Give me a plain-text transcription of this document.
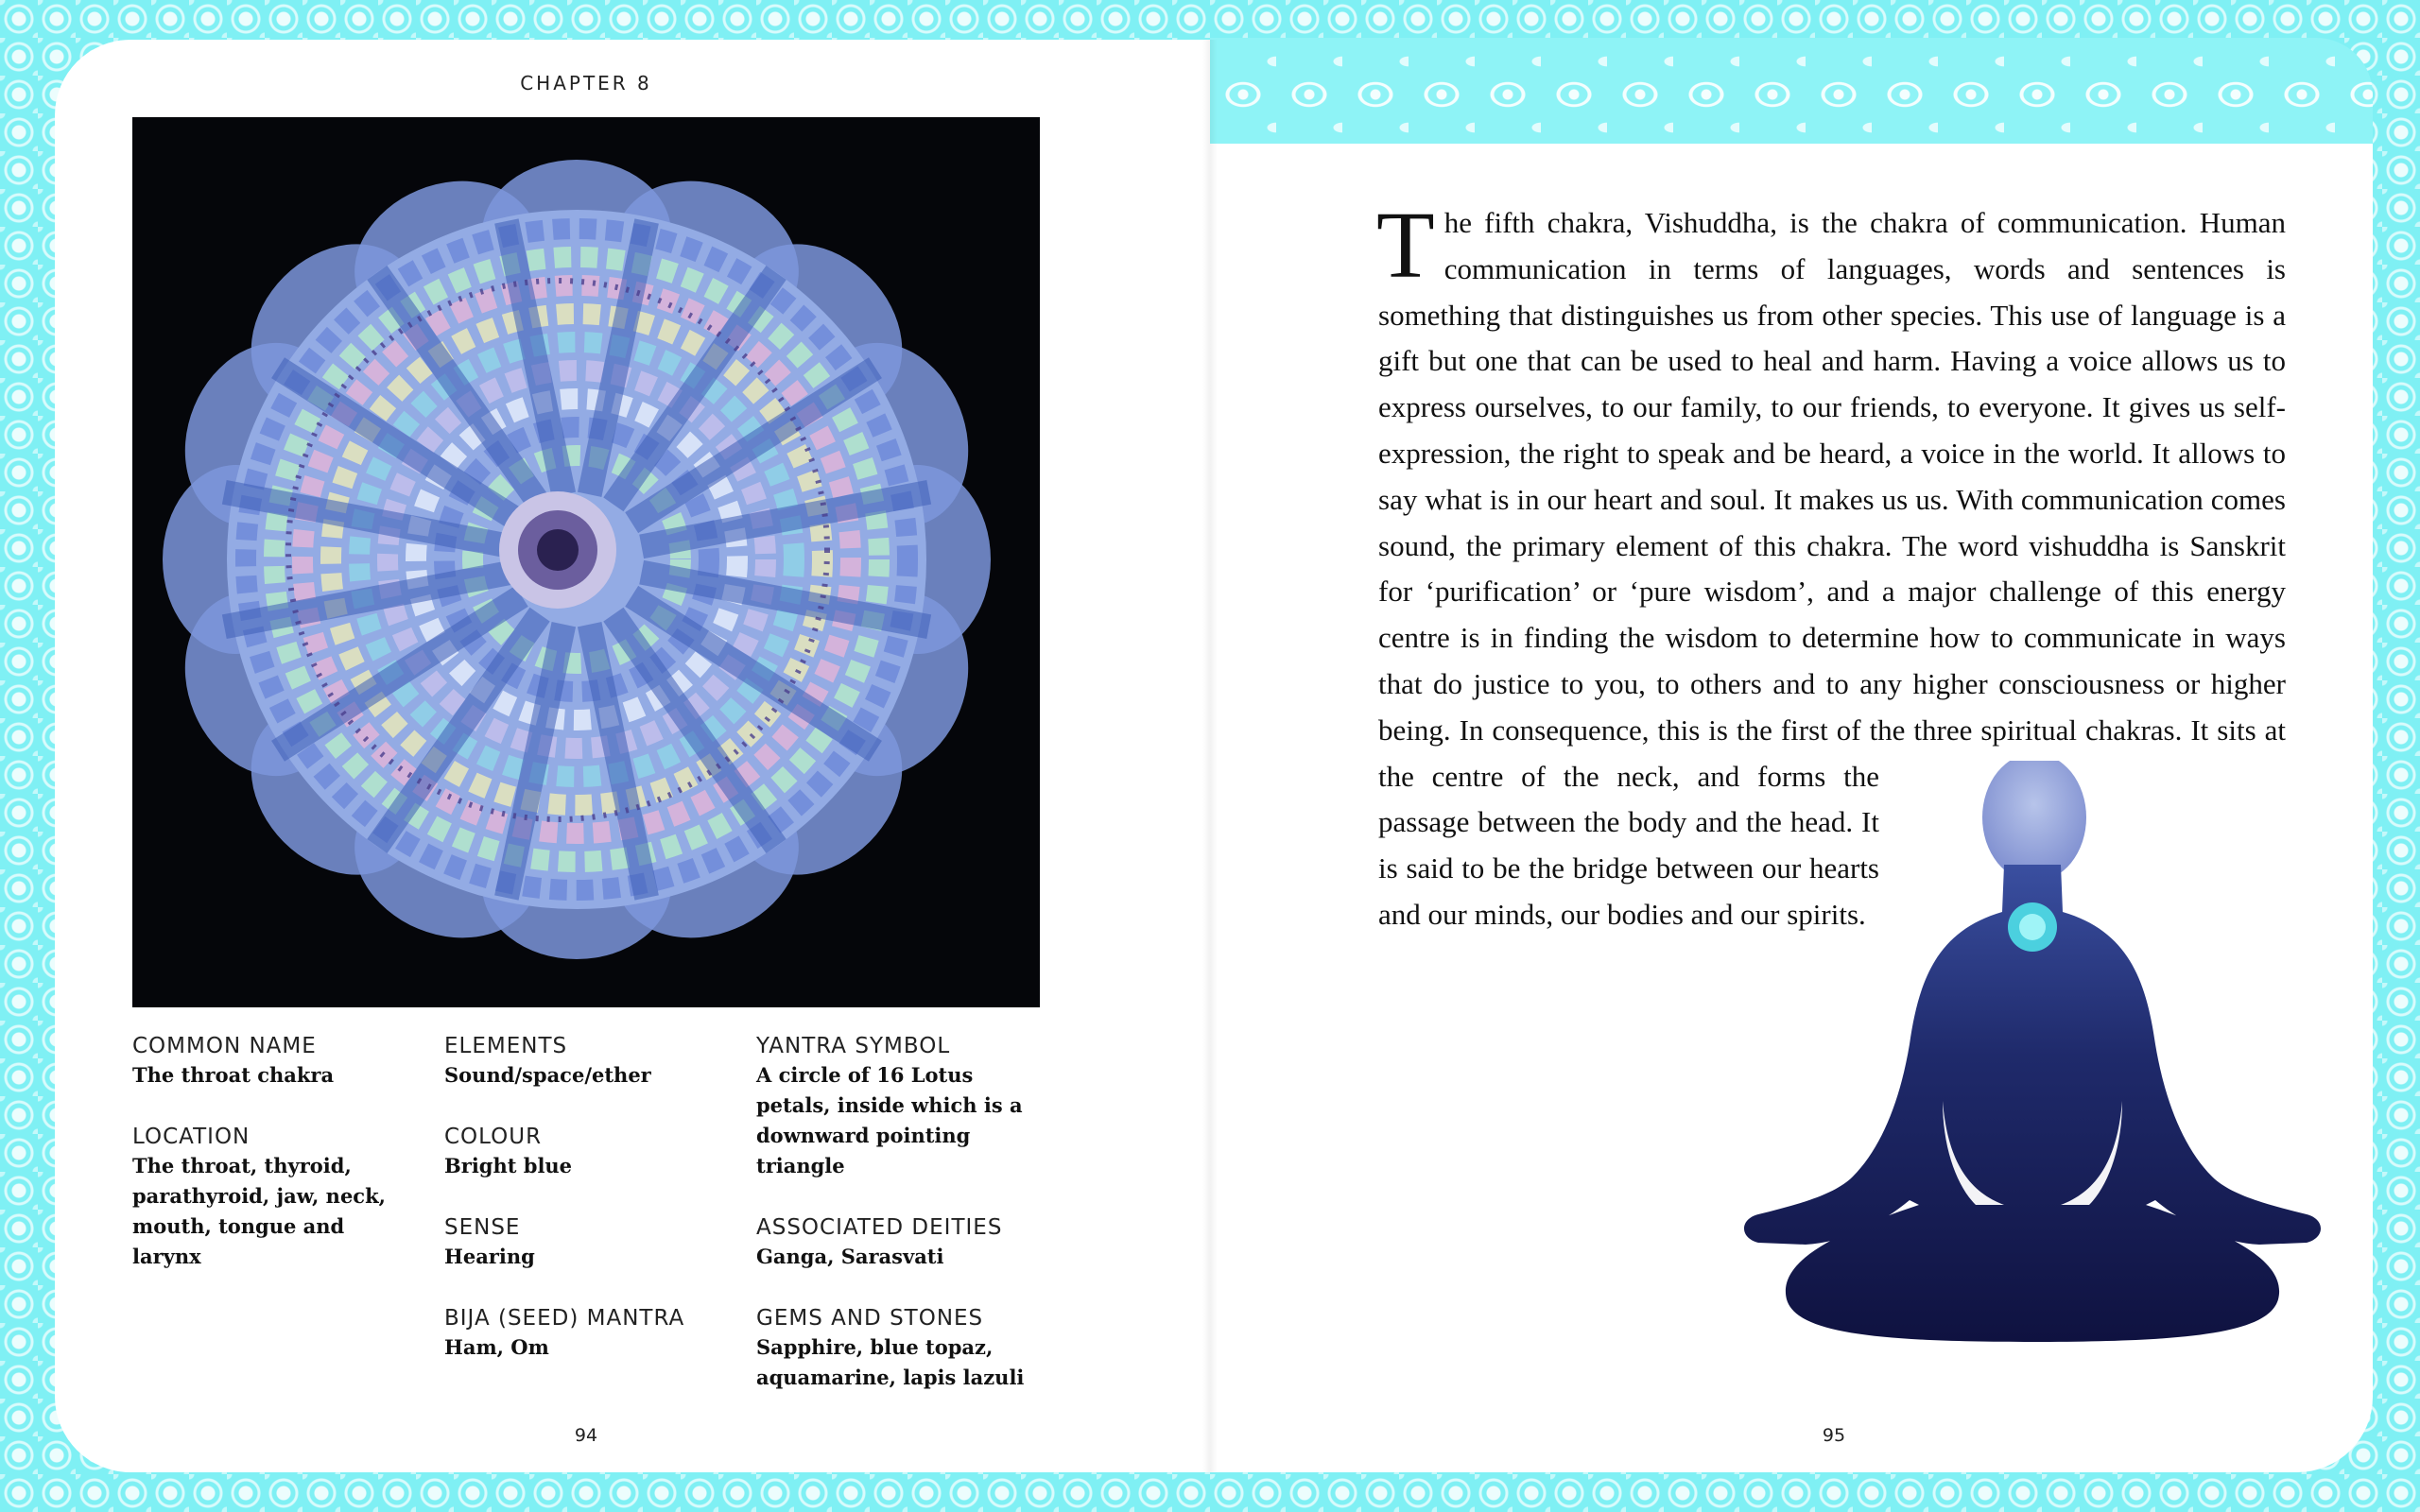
CHAPTER 8
COMMON NAME
The throat chakra
LOCATION
The throat, thyroid, parathyroid, jaw, neck, mouth, tongue and larynx
ELEMENTS
Sound/space/ether
COLOUR
Bright blue
SENSE
Hearing
BIJA (SEED) MANTRA
Ham, Om
YANTRA SYMBOL
A circle of 16 Lotus petals, inside which is a downward pointing triangle
ASSOCIATED DEITIES
Ganga, Sarasvati
GEMS AND STONES
Sapphire, blue topaz, aquamarine, lapis lazuli
94
The fifth chakra, Vishuddha, is the chakra of communication. Human communication in terms of languages, words and sentences is something that distinguishes us from other species. This use of language is a gift but one that can be used to heal and harm. Having a voice allows us to express ourselves, to our family, to our friends, to everyone. It gives us self-expression, the right to speak and be heard, a voice in the world. It allows to say what is in our heart and soul. It makes us us. With communication comes sound, the primary element of this chakra. The word vishuddha is Sanskrit for ‘purification’ or ‘pure wisdom’, and a major challenge of this energy centre is in finding the wisdom to determine how to communicate in ways that do justice to you, to others and to any higher consciousness or higher being. In consequence, this is the first of the three spiritual chakras. It sits at the centre of the neck, and forms the passage between the body and the head. It is said to be the bridge between our hearts and our minds, our bodies and our spirits.
95
